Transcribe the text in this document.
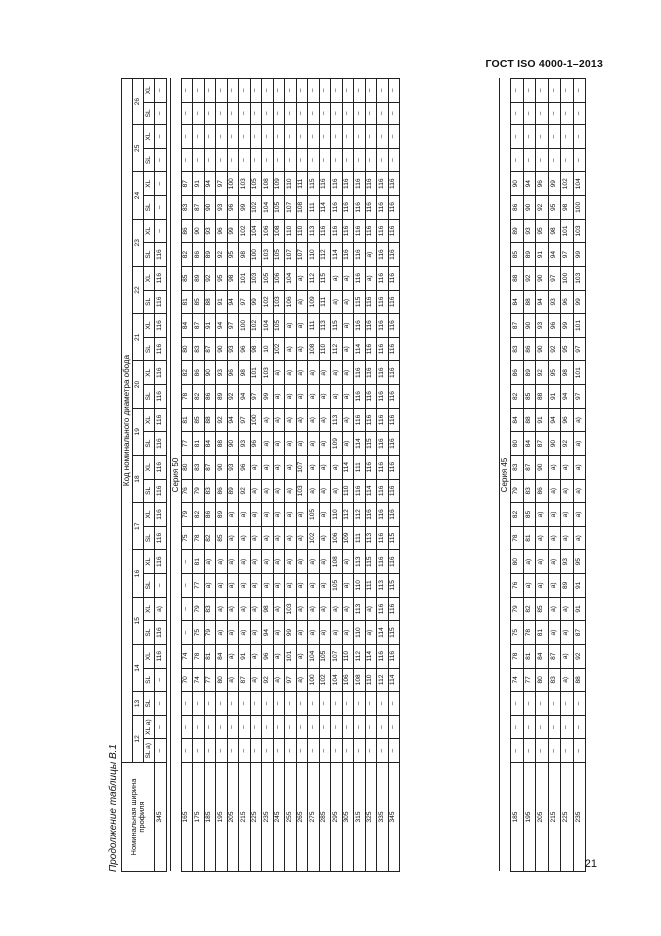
ГОСТ ISO 4000-1–2013
Продолжение таблицы В.1 Номинальная ширина профиля	Код номинального диаметра обода																												
	12		13	14		15		16		17		18		19		20		21		22		23		24		25		26	
	SL a)	XL a)	SL	SL	XL	SL	XL	SL	XL	SL	XL	SL	XL	SL	XL	SL	XL	SL	XL	SL	XL	SL	XL	SL	XL	SL	XL	SL	XL
345	–	–	–	–	116	116	a)	–	116	116	116	116	116	116	116	116	116	116	116	116	116	116	–	–	–	–	–	–	–

Серия 50																													
165	–	–	–	70	74	–	–	–	–	75	79	76	80	77	81	78	82	80	84	81	85	82	86	83	87	–	–	–	–
175	–	–	–	74	78	75	79	77	81	78	82	79	83	81	85	82	86	83	87	85	89	86	90	87	91	–	–	–	–
185	–	–	–	77	81	79	83	a)	a)	82	86	83	87	84	88	86	90	87	91	88	92	89	93	90	94	–	–	–	–
195	–	–	–	80	84	a)	a)	a)	a)	85	89	86	90	88	92	89	93	90	94	91	95	92	96	93	97	–	–	–	–
205	–	–	–	a)	a)	a)	a)	a)	a)	a)	a)	89	93	90	94	92	96	93	97	94	98	95	99	96	100	–	–	–	–
215	–	–	–	87	91	a)	a)	a)	a)	a)	a)	92	96	93	97	94	98	96	100	97	101	98	102	99	103	–	–	–	–
225	–	–	–	a)	a)	a)	a)	a)	a)	a)	a)	a)	a)	96	100	97	101	98	102	99	103	100	104	102	105	–	–	–	–
235	–	–	–	92	96	94	98	a)	a)	a)	a)	a)	a)	a)	a)	99	103	10	104	102	105	103	106	104	108	–	–	–	–
245	–	–	–	a)	a)	a)	a)	a)	a)	a)	a)	a)	a)	a)	a)	a)	a)	102	105	103	106	105	108	105	109	–	–	–	–
255	–	–	–	97	101	99	103	a)	a)	a)	a)	a)	a)	a)	a)	a)	a)	a)	a)	106	104	107	110	107	110	–	–	–	–
265	–	–	–	a)	a)	a)	a)	a)	a)	a)	a)	103	107	a)	a)	a)	a)	a)	a)	a)	a)	107	110	108	111	–	–	–	–
275	–	–	–	100	104	a)	a)	a)	a)	102	105	a)	a)	a)	a)	a)	a)	108	111	109	112	110	113	111	115	–	–	–	–
285	–	–	–	102	105	a)	a)	a)	a)	a)	a)	a)	a)	a)	a)	a)	a)	110	113	111	115	112	116	114	116	–	–	–	–
295	–	–	–	104	107	a)	a)	105	108	106	110	a)	a)	109	113	a)	a)	112	115	a)	a)	114	116	116	116	–	–	–	–
305	–	–	–	106	110	a)	a)	a)	a)	109	112	110	114	a)	a)	a)	a)	a)	a)	a)	a)	116	116	116	116	–	–	–	–
315	–	–	–	108	112	110	113	110	113	111	112	116	111	114	116	116	116	114	116	115	116	116	116	116	116	–	–	–	–
325	–	–	–	110	114	a)	a)	111	115	113	116	114	116	115	116	116	116	116	116	116	a)	a)	116	116	116	–	–	–	–
335	–	–	–	112	116	114	116	113	116	116	116	116	116	116	116	116	116	116	116	116	116	116	116	116	116	–	–	–	–
345	–	–	–	114	116	115	116	115	116	115	116	116	116	116	116	116	116	116	116	116	116	116	116	116	116	–	–	–	–
Серия 45																													
185	–	–	–	74	78	75	79	76	80	78	82	79	83	80	84	82	86	83	87	84	88	85	89	86	90	–	–	–	–
195	–	–	–	77	81	78	82	a)	a)	81	85	83	87	84	88	85	89	86	90	88	92	89	93	90	94	–	–	–	–
205	–	–	–	80	84	81	85	a)	a)	a)	a)	86	90	87	91	88	92	90	93	94	90	91	95	92	96	–	–	–	–
215	–	–	–	83	87	a)	a)	a)	a)	a)	a)	a)	a)	90	94	91	95	92	96	93	97	94	98	95	99	–	–	–	–
225	–	–	–	a)	a)	a)	a)	89	93	a)	a)	a)	a)	92	96	94	98	95	99	96	100	97	101	98	102	–	–	–	–
235	–	–	–	88	92	87	91	91	95	a)	a)	a)	a)	a)	a)	97	101	97	101	99	103	99	103	100	104	–	–	–	–
21
